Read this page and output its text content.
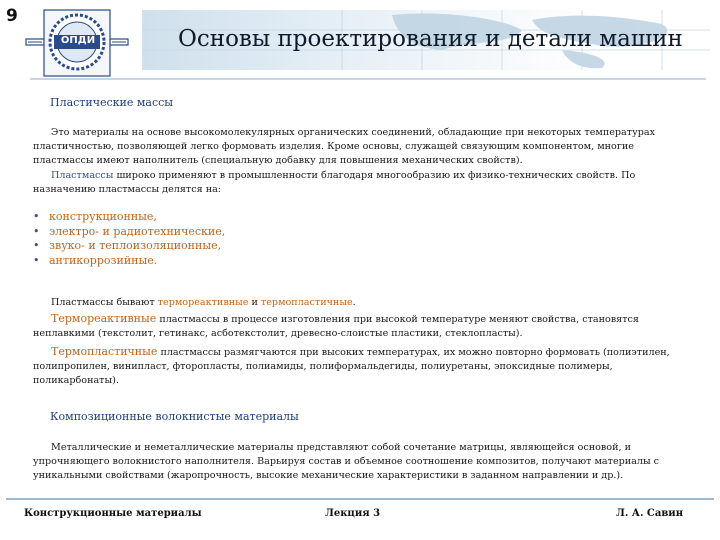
9
ОПДИ	Основы проектирования и детали машин
Пластические массы
Это материалы на основе высокомолекулярных органических соединений, обладающие при некоторых температурах пластичностью, позволяющей легко формовать изделия. Кроме основы, служащей связующим компонентом, многие пластмассы имеют наполнитель (специальную добавку для повышения механических свойств).
Пластмассы широко применяют в промышленности благодаря многообразию их физико-технических свойств. По назначению пластмассы делятся на:
• конструкционные,
• электро- и радиотехнические,
• звуко- и теплоизоляционные,
• антикоррозийные.
Пластмассы бывают термореактивные и термопластичные.
Термореактивные пластмассы в процессе изготовления при высокой температуре меняют свойства, становятся неплавкими (текстолит, гетинакс, асботекстолит, древесно-слоистые пластики, стеклопласты).
Термопластичные пластмассы размягчаются при высоких температурах, их можно повторно формовать (полиэтилен, полипропилен, винипласт, фторопласты, полиамиды, полиформальдегиды, полиуретаны, эпоксидные полимеры, поликарбонаты).
Композиционные волокнистые материалы
Металлические и неметаллические материалы представляют собой сочетание матрицы, являющейся основой, и упрочняющего волокнистого наполнителя. Варьируя состав и объемное соотношение композитов, получают материалы с уникальными свойствами (жаропрочность, высокие механические характеристики в заданном направлении и др.).
Конструкционные материалы	Лекция 3	Л. А. Савин
